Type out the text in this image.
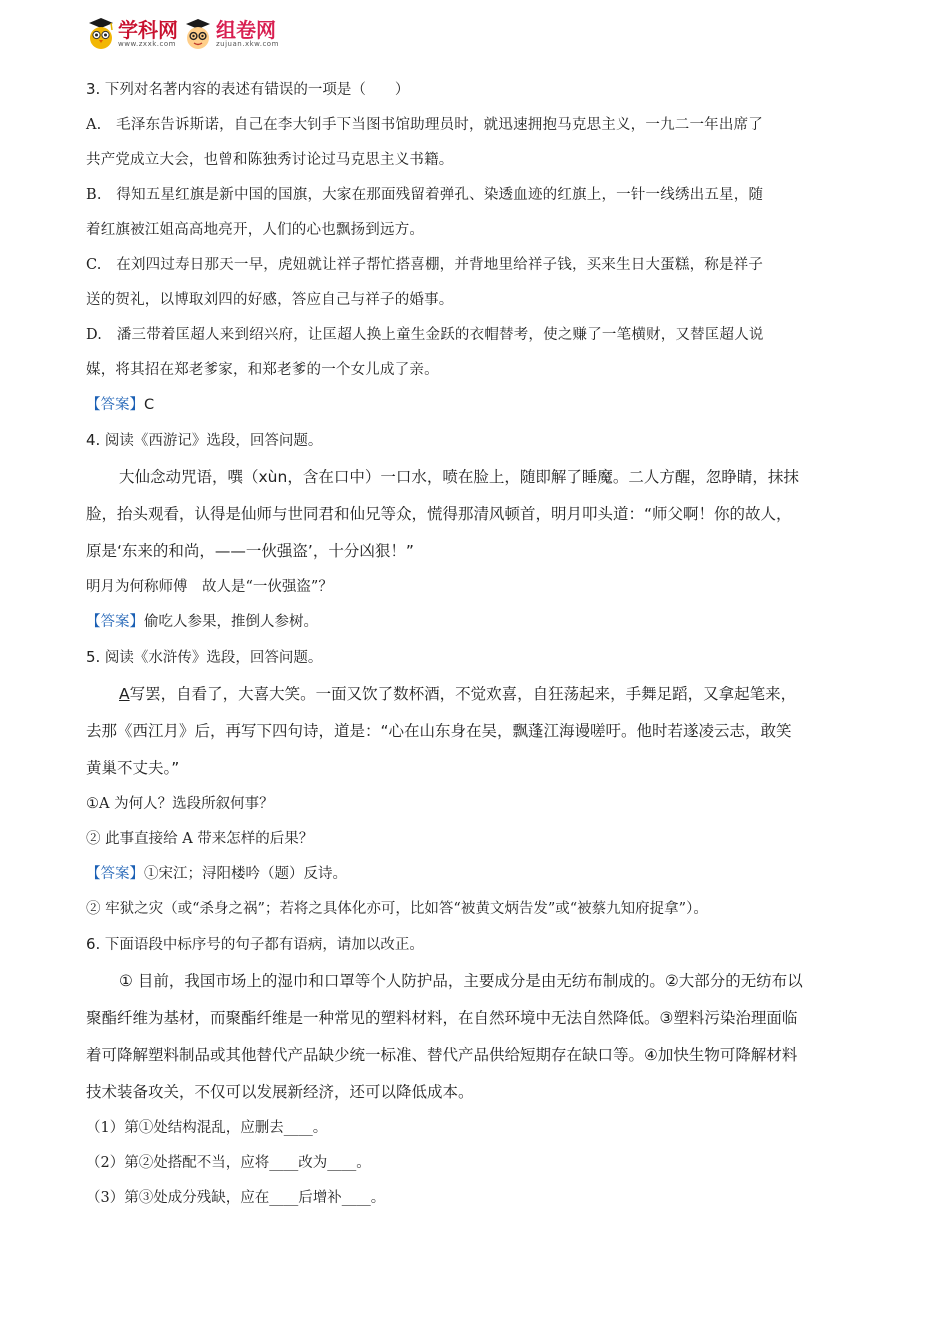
学科网
www.zxxk.com
组卷网
zujuan.xkw.com
3. 下列对名著内容的表述有错误的一项是（　　）
A.　毛泽东告诉斯诺，自己在李大钊手下当图书馆助理员时，就迅速拥抱马克思主义，一九二一年出席了
共产党成立大会，也曾和陈独秀讨论过马克思主义书籍。
B.　得知五星红旗是新中国的国旗，大家在那面残留着弹孔、染透血迹的红旗上，一针一线绣出五星，随
着红旗被江姐高高地亮开，人们的心也飘扬到远方。
C.　在刘四过寿日那天一早，虎妞就让祥子帮忙搭喜棚，并背地里给祥子钱，买来生日大蛋糕，称是祥子
送的贺礼，以博取刘四的好感，答应自己与祥子的婚事。
D.　潘三带着匡超人来到绍兴府，让匡超人换上童生金跃的衣帽替考，使之赚了一笔横财，又替匡超人说
媒，将其招在郑老爹家，和郑老爹的一个女儿成了亲。
【答案】C
4. 阅读《西游记》选段，回答问题。
大仙念动咒语，噀（xùn，含在口中）一口水，喷在脸上，随即解了睡魔。二人方醒，忽睁睛，抹抹
脸，抬头观看，认得是仙师与世同君和仙兄等众，慌得那清风顿首，明月叩头道：“师父啊！你的故人，
原是‘东来的和尚，——一伙强盗’，十分凶狠！”
明月为何称师傅　故人是“一伙强盗”？
【答案】偷吃人参果，推倒人参树。
5. 阅读《水浒传》选段，回答问题。
A写罢，自看了，大喜大笑。一面又饮了数杯酒，不觉欢喜，自狂荡起来，手舞足蹈，又拿起笔来，
去那《西江月》后，再写下四句诗，道是：“心在山东身在吴，飘蓬江海谩嗟吁。他时若遂凌云志，敢笑
黄巢不丈夫。”
①A 为何人？选段所叙何事？
② 此事直接给 A 带来怎样的后果？
【答案】①宋江；浔阳楼吟（题）反诗。
② 牢狱之灾（或“杀身之祸”；若将之具体化亦可，比如答“被黄文炳告发”或“被蔡九知府捉拿”）。
6. 下面语段中标序号的句子都有语病，请加以改正。
① 目前，我国市场上的湿巾和口罩等个人防护品，主要成分是由无纺布制成的。②大部分的无纺布以
聚酯纤维为基材，而聚酯纤维是一种常见的塑料材料，在自然环境中无法自然降低。③塑料污染治理面临
着可降解塑料制品或其他替代产品缺少统一标准、替代产品供给短期存在缺口等。④加快生物可降解材料
技术装备攻关，不仅可以发展新经济，还可以降低成本。
（1）第①处结构混乱，应删去____。
（2）第②处搭配不当，应将____改为____。
（3）第③处成分残缺，应在____后增补____。
